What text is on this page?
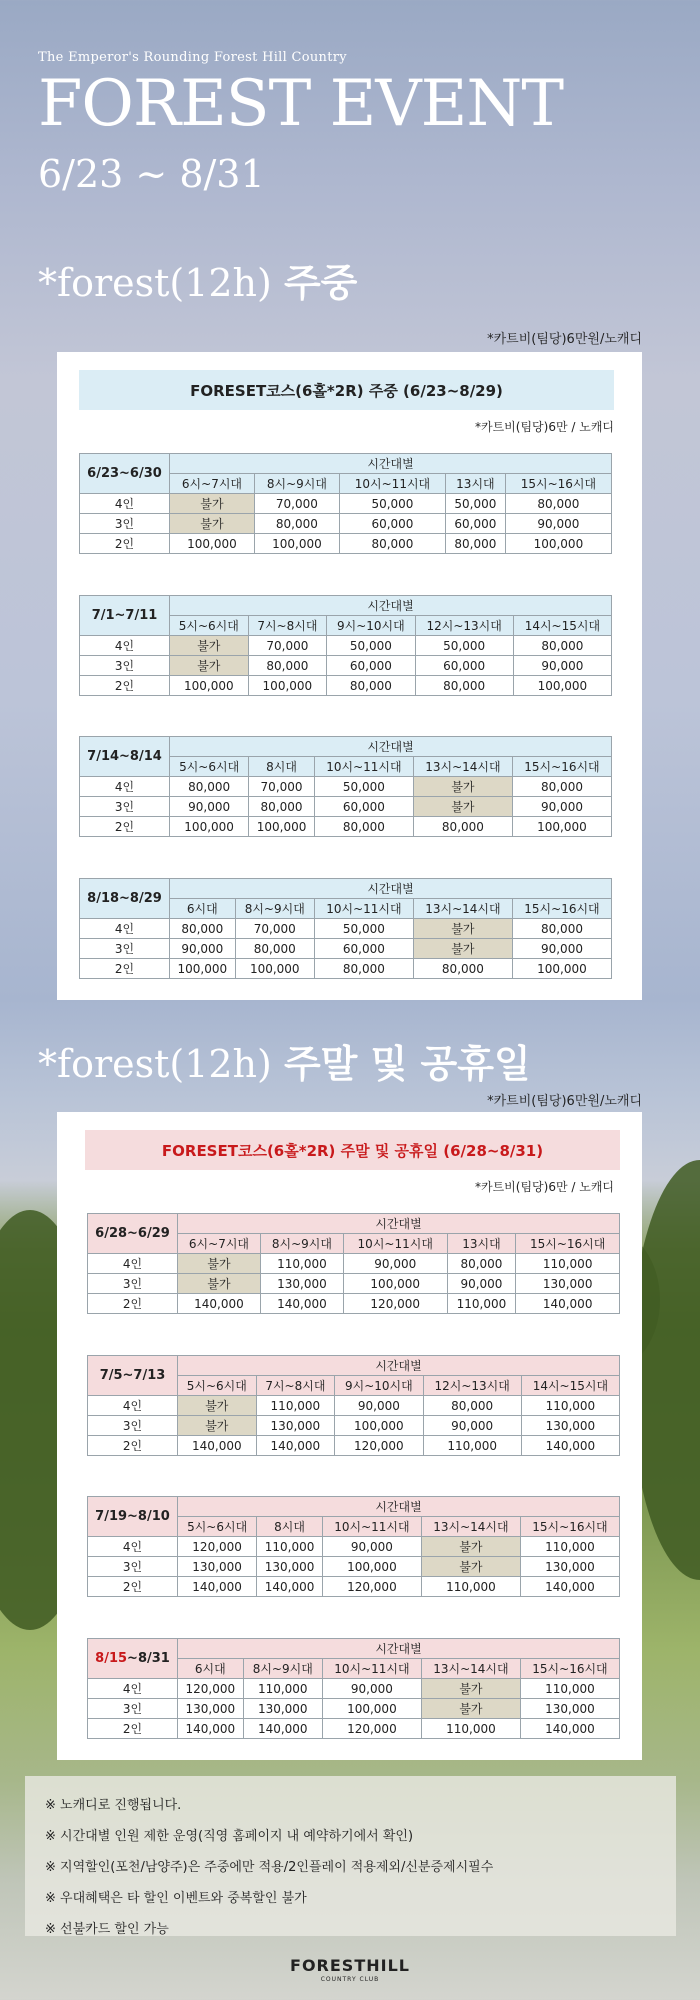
The Emperor's Rounding Forest Hill Country
FOREST EVENT
6/23 ~ 8/31
*forest(12h) 주중
*카트비(팀당)6만원/노캐디
FORESET코스(6홀*2R) 주중 (6/23~8/29)
*카트비(팀당)6만 / 노캐디
6/23~6/30	시간대별				
	6시~7시대	8시~9시대	10시~11시대	13시대	15시~16시대
4인	불가	70,000	50,000	50,000	80,000
3인	불가	80,000	60,000	60,000	90,000
2인	100,000	100,000	80,000	80,000	100,000
7/1~7/11	시간대별				
	5시~6시대	7시~8시대	9시~10시대	12시~13시대	14시~15시대
4인	불가	70,000	50,000	50,000	80,000
3인	불가	80,000	60,000	60,000	90,000
2인	100,000	100,000	80,000	80,000	100,000
7/14~8/14	시간대별				
	5시~6시대	8시대	10시~11시대	13시~14시대	15시~16시대
4인	80,000	70,000	50,000	불가	80,000
3인	90,000	80,000	60,000	불가	90,000
2인	100,000	100,000	80,000	80,000	100,000
8/18~8/29	시간대별				
	6시대	8시~9시대	10시~11시대	13시~14시대	15시~16시대
4인	80,000	70,000	50,000	불가	80,000
3인	90,000	80,000	60,000	불가	90,000
2인	100,000	100,000	80,000	80,000	100,000
*forest(12h) 주말 및 공휴일
*카트비(팀당)6만원/노캐디
FORESET코스(6홀*2R) 주말 및 공휴일 (6/28~8/31)
*카트비(팀당)6만 / 노캐디
6/28~6/29	시간대별				
	6시~7시대	8시~9시대	10시~11시대	13시대	15시~16시대
4인	불가	110,000	90,000	80,000	110,000
3인	불가	130,000	100,000	90,000	130,000
2인	140,000	140,000	120,000	110,000	140,000
7/5~7/13	시간대별				
	5시~6시대	7시~8시대	9시~10시대	12시~13시대	14시~15시대
4인	불가	110,000	90,000	80,000	110,000
3인	불가	130,000	100,000	90,000	130,000
2인	140,000	140,000	120,000	110,000	140,000
7/19~8/10	시간대별				
	5시~6시대	8시대	10시~11시대	13시~14시대	15시~16시대
4인	120,000	110,000	90,000	불가	110,000
3인	130,000	130,000	100,000	불가	130,000
2인	140,000	140,000	120,000	110,000	140,000
8/15~8/31	시간대별				
	6시대	8시~9시대	10시~11시대	13시~14시대	15시~16시대
4인	120,000	110,000	90,000	불가	110,000
3인	130,000	130,000	100,000	불가	130,000
2인	140,000	140,000	120,000	110,000	140,000
※ 노캐디로 진행됩니다.
※ 시간대별 인원 제한 운영(직영 홈페이지 내 예약하기에서 확인)
※ 지역할인(포천/남양주)은 주중에만 적용/2인플레이 적용제외/신분증제시필수
※ 우대혜택은 타 할인 이벤트와 중복할인 불가
※ 선불카드 할인 가능
FORESTHILL
COUNTRY CLUB
